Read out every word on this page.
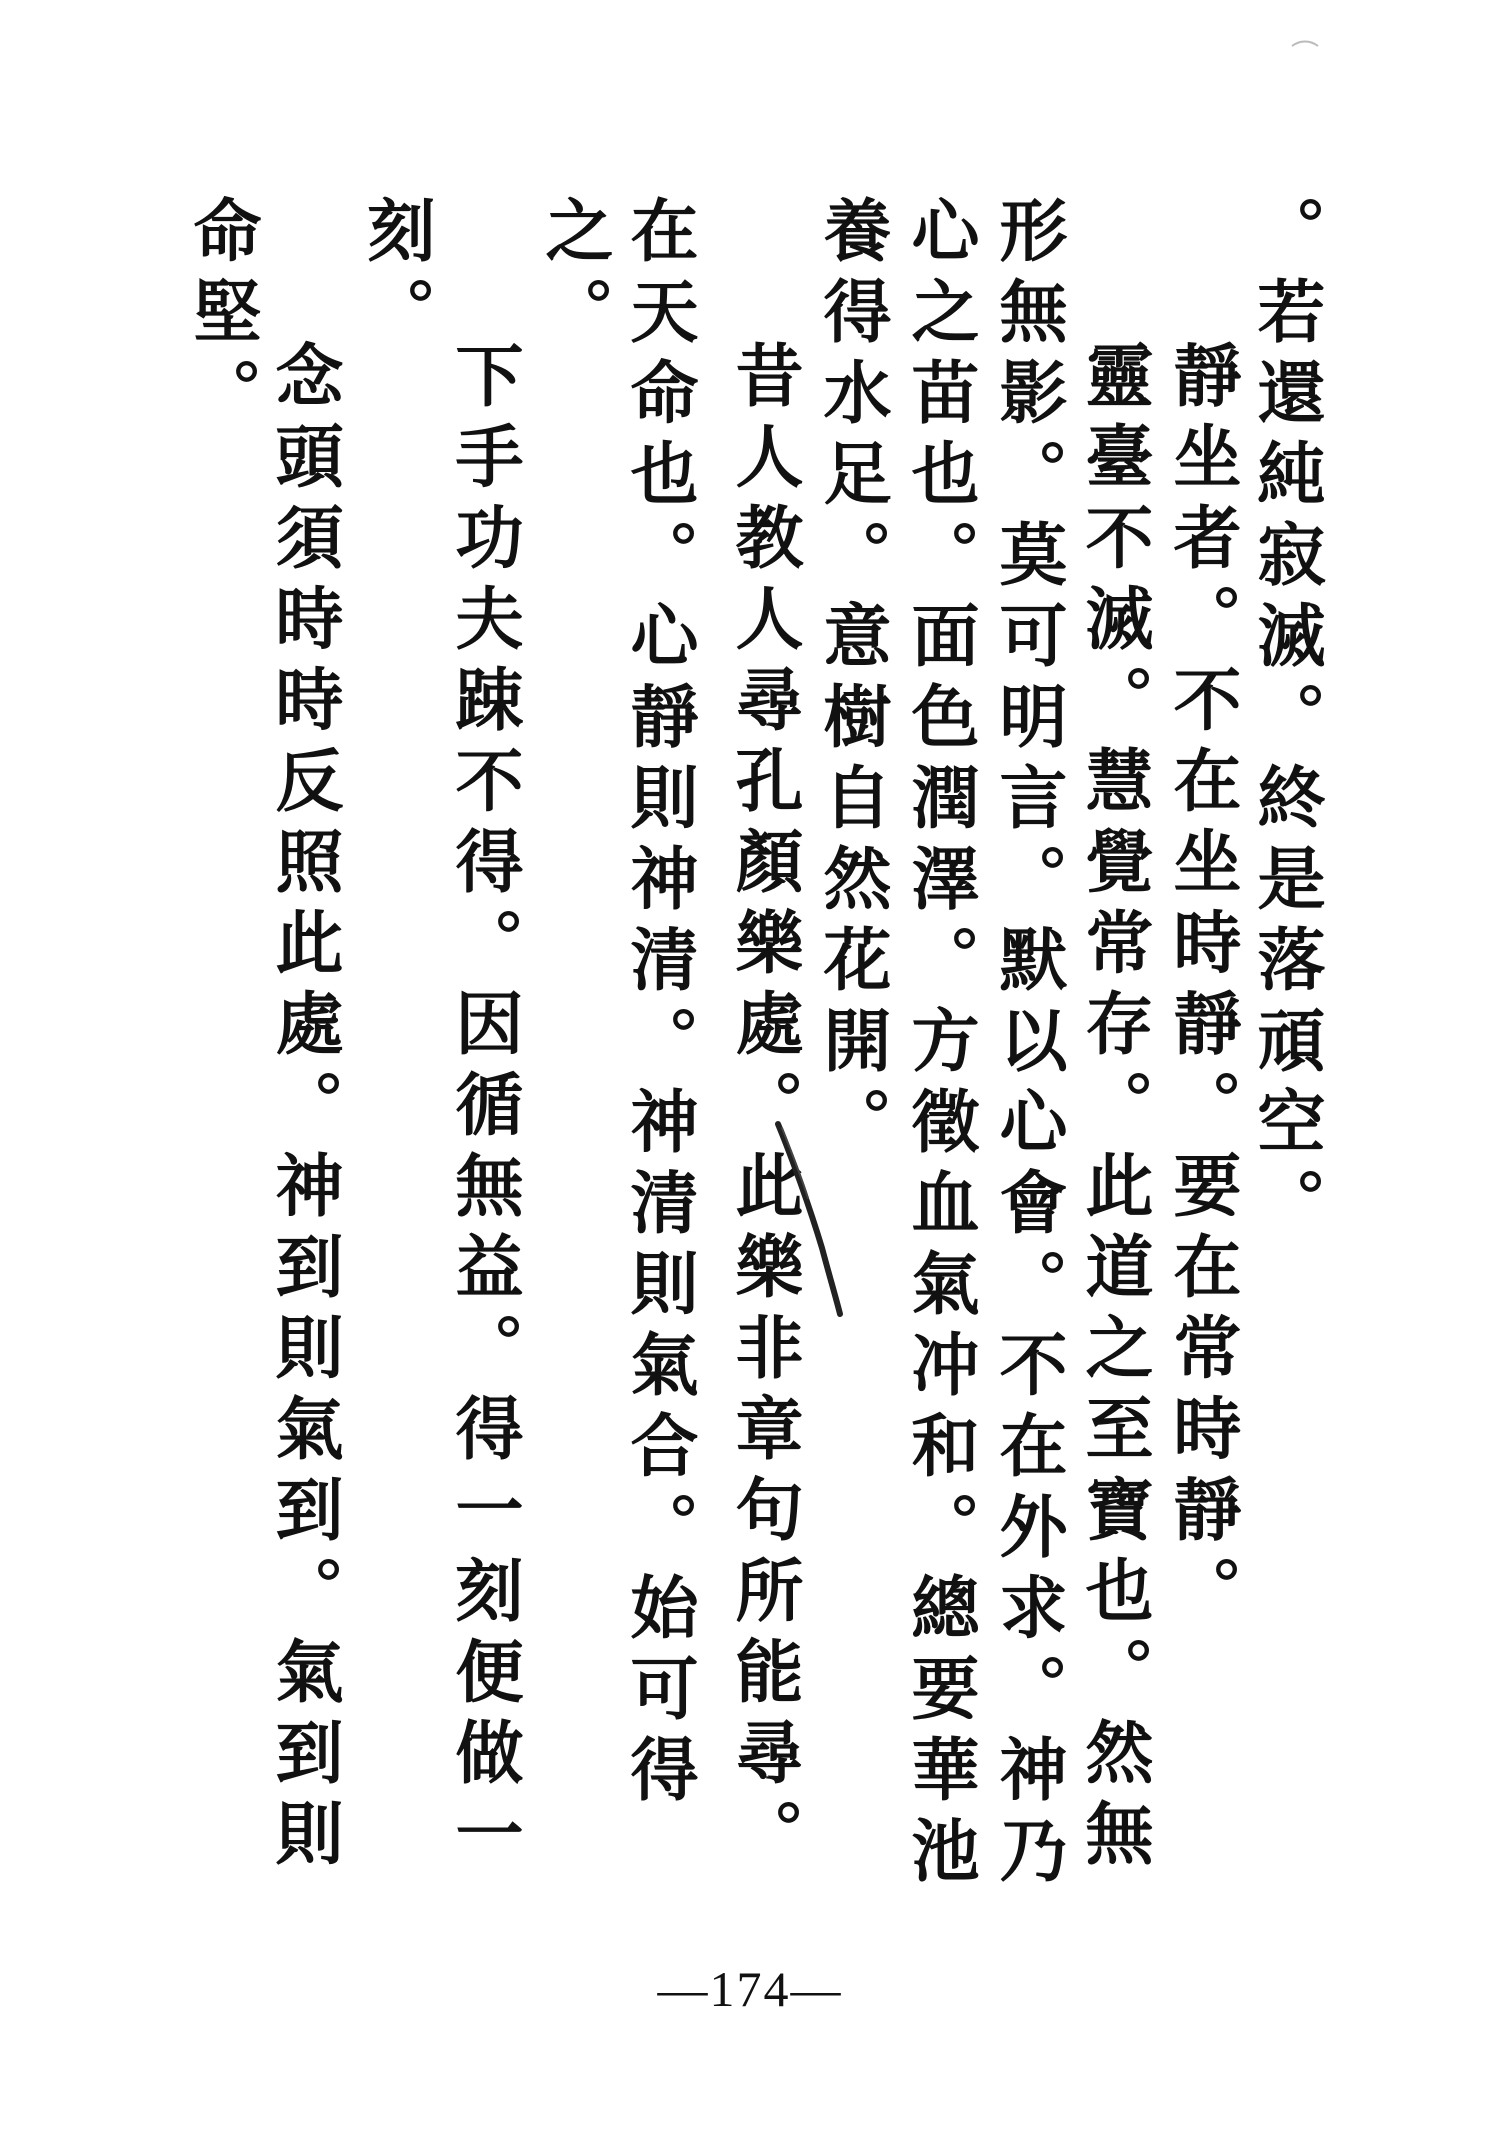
。若還純寂滅。終是落頑空。
靜坐者。不在坐時靜。要在常時靜。
靈臺不滅。慧覺常存。此道之至寶也。然無
形無影。莫可明言。默以心會。不在外求。神乃
心之苗也。面色潤澤。方徵血氣冲和。總要華池
養得水足。意樹自然花開。
昔人教人尋孔顏樂處。此樂非章句所能尋。
在天命也。心靜則神清。神清則氣合。始可得
之。
下手功夫踈不得。因循無益。得一刻便做一
刻。
念頭須時時反照此處。神到則氣到。氣到則
命堅。
—174—
